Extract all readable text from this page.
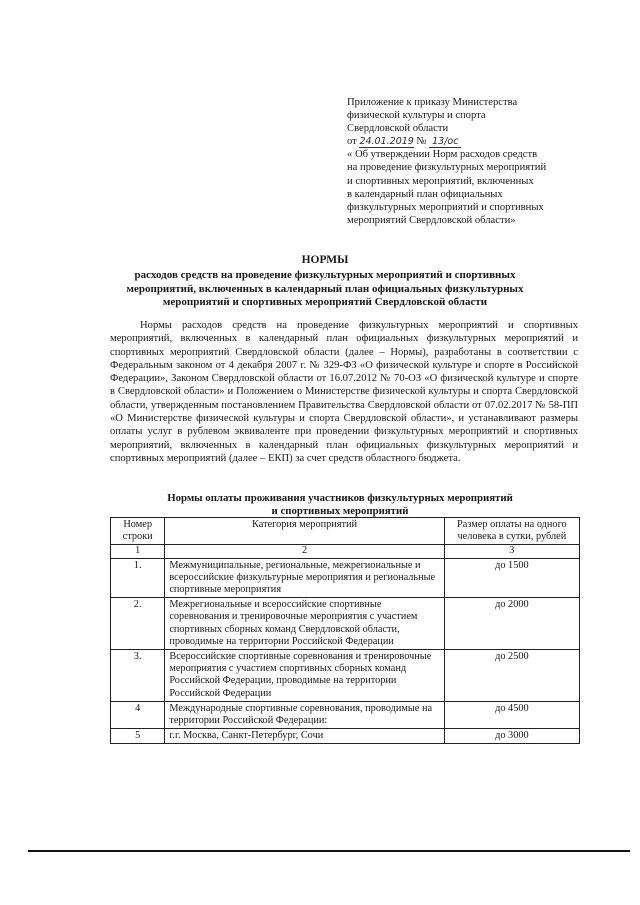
Приложение к приказу Министерства
физической культуры и спорта
Свердловской области
от 24.01.2019 № 13/ос
« Об утверждении Норм расходов средств
на проведение физкультурных мероприятий
и спортивных мероприятий, включенных
в календарный план официальных
физкультурных мероприятий и спортивных
мероприятий Свердловской области»
НОРМЫ
расходов средств на проведение физкультурных мероприятий и спортивных
мероприятий, включенных в календарный план официальных физкультурных
мероприятий и спортивных мероприятий Свердловской области

Нормы расходов средств на проведение физкультурных мероприятий и спортивных мероприятий, включенных в календарный план официальных физкультурных мероприятий и спортивных мероприятий Свердловской области (далее – Нормы), разработаны в соответствии с Федеральным законом от 4 декабря 2007 г. № 329-ФЗ «О физической культуре и спорте в Российской Федерации», Законом Свердловской области от 16.07.2012 № 70-ОЗ «О физической культуре и спорте в Свердловской области» и Положением о Министерстве физической культуры и спорта Свердловской области, утвержденным постановлением Правительства Свердловской области от 07.02.2017 № 58-ПП «О Министерстве физической культуры и спорта Свердловской области», и устанавливают размеры оплаты услуг в рублевом эквиваленте при проведении физкультурных мероприятий и спортивных мероприятий, включенных в календарный план официальных физкультурных мероприятий и спортивных мероприятий (далее – ЕКП) за счет средств областного бюджета.

Нормы оплаты проживания участников физкультурных мероприятий
и спортивных мероприятий
Номер строки	Категория мероприятий	Размер оплаты на одного человека в сутки, рублей
1	2	3
1.	Межмуниципальные, региональные, межрегиональные и всероссийские физкультурные мероприятия и региональные спортивные мероприятия	до 1500
2.	Межрегиональные и всероссийские спортивные соревнования и тренировочные мероприятия с участием спортивных сборных команд Свердловской области, проводимые на территории Российской Федерации	до 2000
3.	Всероссийские спортивные соревнования и тренировочные мероприятия с участием спортивных сборных команд Российской Федерации, проводимые на территории Российской Федерации	до 2500
4	Международные спортивные соревнования, проводимые на территории Российской Федерации:	до 4500
5	г.г. Москва, Санкт-Петербург, Сочи	до 3000
